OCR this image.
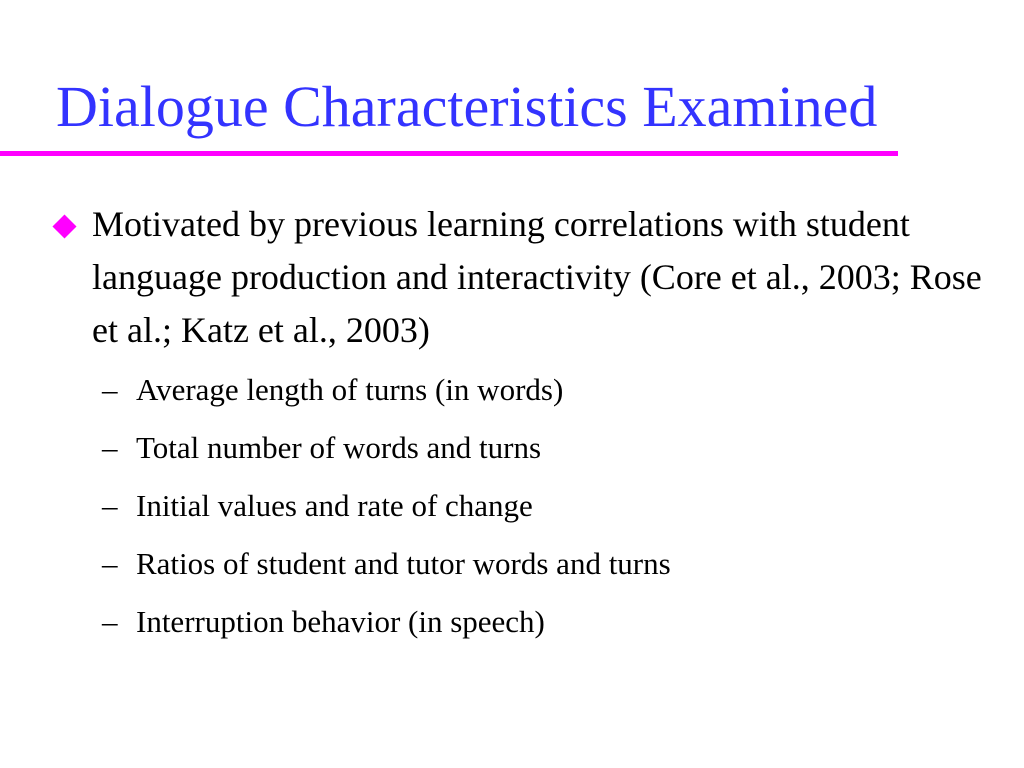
Dialogue Characteristics Examined

Motivated by previous learning correlations with student language production and interactivity (Core et al., 2003; Rose et al.; Katz et al., 2003)

– Average length of turns (in words)
– Total number of words and turns
– Initial values and rate of change
– Ratios of student and tutor words and turns
– Interruption behavior (in speech)
